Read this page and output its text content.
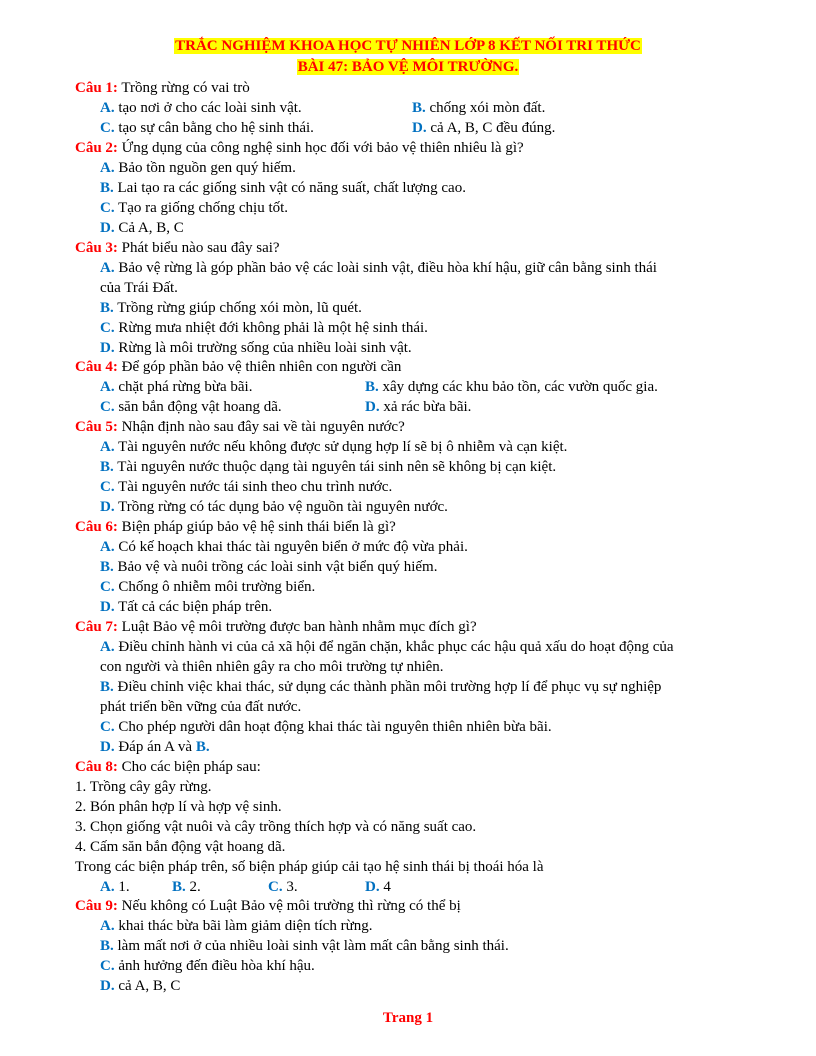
TRẮC NGHIỆM KHOA HỌC TỰ NHIÊN LỚP 8 KẾT NỐI TRI THỨC
BÀI 47: BẢO VỆ MÔI TRƯỜNG.
Câu 1: Trồng rừng có vai trò
A. tạo nơi ở cho các loài sinh vật.	B. chống xói mòn đất.
C. tạo sự cân bằng cho hệ sinh thái.	D. cả A, B, C đều đúng.
Câu 2: Ứng dụng của công nghệ sinh học đối với bảo vệ thiên nhiêu là gì?
A. Bảo tồn nguồn gen quý hiếm.
B. Lai tạo ra các giống sinh vật có năng suất, chất lượng cao.
C. Tạo ra giống chống chịu tốt.
D. Cả A, B, C
Câu 3: Phát biểu nào sau đây sai?
A. Bảo vệ rừng là góp phần bảo vệ các loài sinh vật, điều hòa khí hậu, giữ cân bằng sinh thái
của Trái Đất.
B. Trồng rừng giúp chống xói mòn, lũ quét.
C. Rừng mưa nhiệt đới không phải là một hệ sinh thái.
D. Rừng là môi trường sống của nhiều loài sinh vật.
Câu 4: Để góp phần bảo vệ thiên nhiên con người cần
A. chặt phá rừng bừa bãi.	B. xây dựng các khu bảo tồn, các vườn quốc gia.
C. săn bắn động vật hoang dã.	D. xả rác bừa bãi.
Câu 5: Nhận định nào sau đây sai về tài nguyên nước?
A. Tài nguyên nước nếu không được sử dụng hợp lí sẽ bị ô nhiễm và cạn kiệt.
B. Tài nguyên nước thuộc dạng tài nguyên tái sinh nên sẽ không bị cạn kiệt.
C. Tài nguyên nước tái sinh theo chu trình nước.
D. Trồng rừng có tác dụng bảo vệ nguồn tài nguyên nước.
Câu 6: Biện pháp giúp bảo vệ hệ sinh thái biển là gì?
A. Có kế hoạch khai thác tài nguyên biển ở mức độ vừa phải.
B. Bảo vệ và nuôi trồng các loài sinh vật biển quý hiếm.
C. Chống ô nhiễm môi trường biển.
D. Tất cả các biện pháp trên.
Câu 7: Luật Bảo vệ môi trường được ban hành nhằm mục đích gì?
A. Điều chỉnh hành vi của cả xã hội để ngăn chặn, khắc phục các hậu quả xấu do hoạt động của
con người và thiên nhiên gây ra cho môi trường tự nhiên.
B. Điều chỉnh việc khai thác, sử dụng các thành phần môi trường hợp lí để phục vụ sự nghiệp
phát triển bền vững của đất nước.
C. Cho phép người dân hoạt động khai thác tài nguyên thiên nhiên bừa bãi.
D. Đáp án A và B.
Câu 8: Cho các biện pháp sau:
1. Trồng cây gây rừng.
2. Bón phân hợp lí và hợp vệ sinh.
3. Chọn giống vật nuôi và cây trồng thích hợp và có năng suất cao.
4. Cấm săn bắn động vật hoang dã.
Trong các biện pháp trên, số biện pháp giúp cải tạo hệ sinh thái bị thoái hóa là
A. 1.	B. 2.	C. 3.	D. 4
Câu 9: Nếu không có Luật Bảo vệ môi trường thì rừng có thể bị
A. khai thác bừa bãi làm giảm diện tích rừng.
B. làm mất nơi ở của nhiều loài sinh vật làm mất cân bằng sinh thái.
C. ảnh hưởng đến điều hòa khí hậu.
D. cả A, B, C
Trang 1
